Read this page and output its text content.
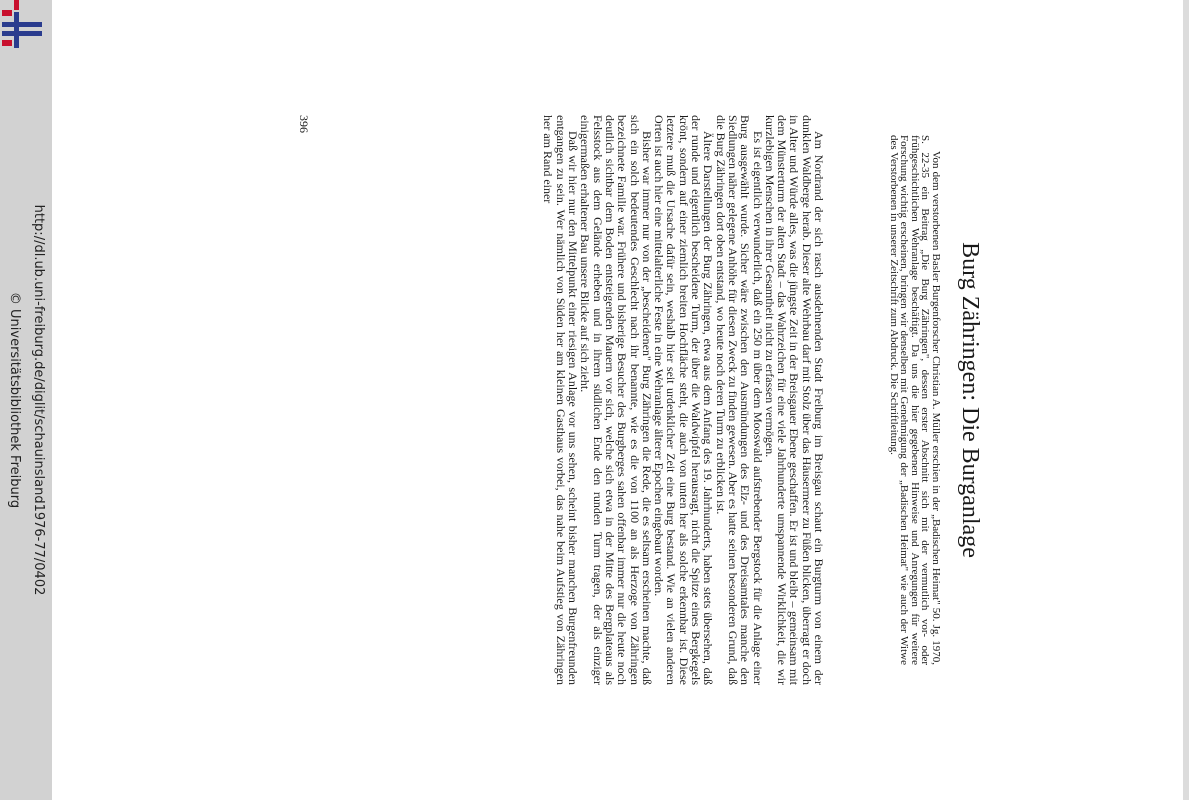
http://dl.ub.uni-freiburg.de/diglit/schauinsland1976-77/0402
© Universitätsbibliothek Freiburg	Burg Zähringen: Die Burganlage

Von dem verstorbenen Basler Burgenforscher Christian A. Müller erschien in der „Badischen Heimat" 50. Jg. 1970, S. 22-35 ein Beitrag „Die Burg Zähringen", dessen erster Abschnitt sich mit der vermutlich vor- oder frühgeschichtlichen Wehranlage beschäftigt. Da uns die hier gegebenen Hinweise und Anregungen für weitere Forschung wichtig erscheinen, bringen wir denselben mit Genehmigung der „Badischen Heimat" wie auch der Witwe des Verstorbenen in unserer Zeitschrift zum Abdruck. Die Schriftleitung.

Am Nordrand der sich rasch ausdehnenden Stadt Freiburg im Breisgau schaut ein Burgturm von einem der dunklen Waldberge herab. Dieser alte Wehrbau darf mit Stolz über das Häusermeer zu Füßen blicken, überragt er doch in Alter und Würde alles, was die jüngste Zeit in der Breisgauer Ebene geschaffen. Er ist und bleibt – gemeinsam mit dem Münsterturm der alten Stadt – das Wahrzeichen für eine viele Jahrhunderte umspannende Wirklichkeit, die wir kurzlebigen Menschen in ihrer Gesamtheit nicht zu erfassen vermögen.

Es ist eigentlich verwunderlich, daß ein 250 m über dem Mooswald aufstrebender Bergstock für die Anlage einer Burg ausgewählt wurde. Sicher wäre zwischen den Ausmündungen des Elz- und des Dreisamtales manche den Siedlungen näher gelegene Anhöhe für diesen Zweck zu finden gewesen. Aber es hatte seinen besonderen Grund, daß die Burg Zähringen dort oben entstand, wo heute noch deren Turm zu erblicken ist.

Ältere Darstellungen der Burg Zähringen, etwa aus dem Anfang des 19. Jahrhunderts, haben stets übersehen, daß der runde und eigentlich bescheidene Turm, der über die Waldwipfel herausragt, nicht die Spitze eines Bergkegels krönt, sondern auf einer ziemlich breiten Hochfläche steht, die auch von unten her als solche erkennbar ist. Diese letztere muß die Ursache dafür sein, weshalb hier seit urdenklicher Zeit eine Burg bestand. Wie an vielen anderen Orten ist auch hier eine mittelalterliche Feste in eine Wehranlage älterer Epochen eingebaut worden.

Bisher war immer nur von der „bescheidenen" Burg Zähringen die Rede, die es seltsam erscheinen machte, daß sich ein solch bedeutendes Geschlecht nach ihr benannte, wie es die von 1100 an als Herzoge von Zähringen bezeichnete Familie war. Frühere und bisherige Besucher des Burgberges sahen offenbar immer nur die heute noch deutlich sichtbar dem Boden entsteigenden Mauern vor sich, welche sich etwa in der Mitte des Bergplateaus als Felsstock aus dem Gelände erheben und in ihrem südlichen Ende den runden Turm tragen, der als einziger einigermaßen erhaltener Bau unsere Blicke auf sich zieht.

Daß wir hier nur den Mittelpunkt einer riesigen Anlage vor uns sehen, scheint bisher manchen Burgenfreunden entgangen zu sein. Wer nämlich von Süden her am kleinen Gasthaus vorbei, das nahe beim Aufstieg von Zähringen her am Rand einer

396
